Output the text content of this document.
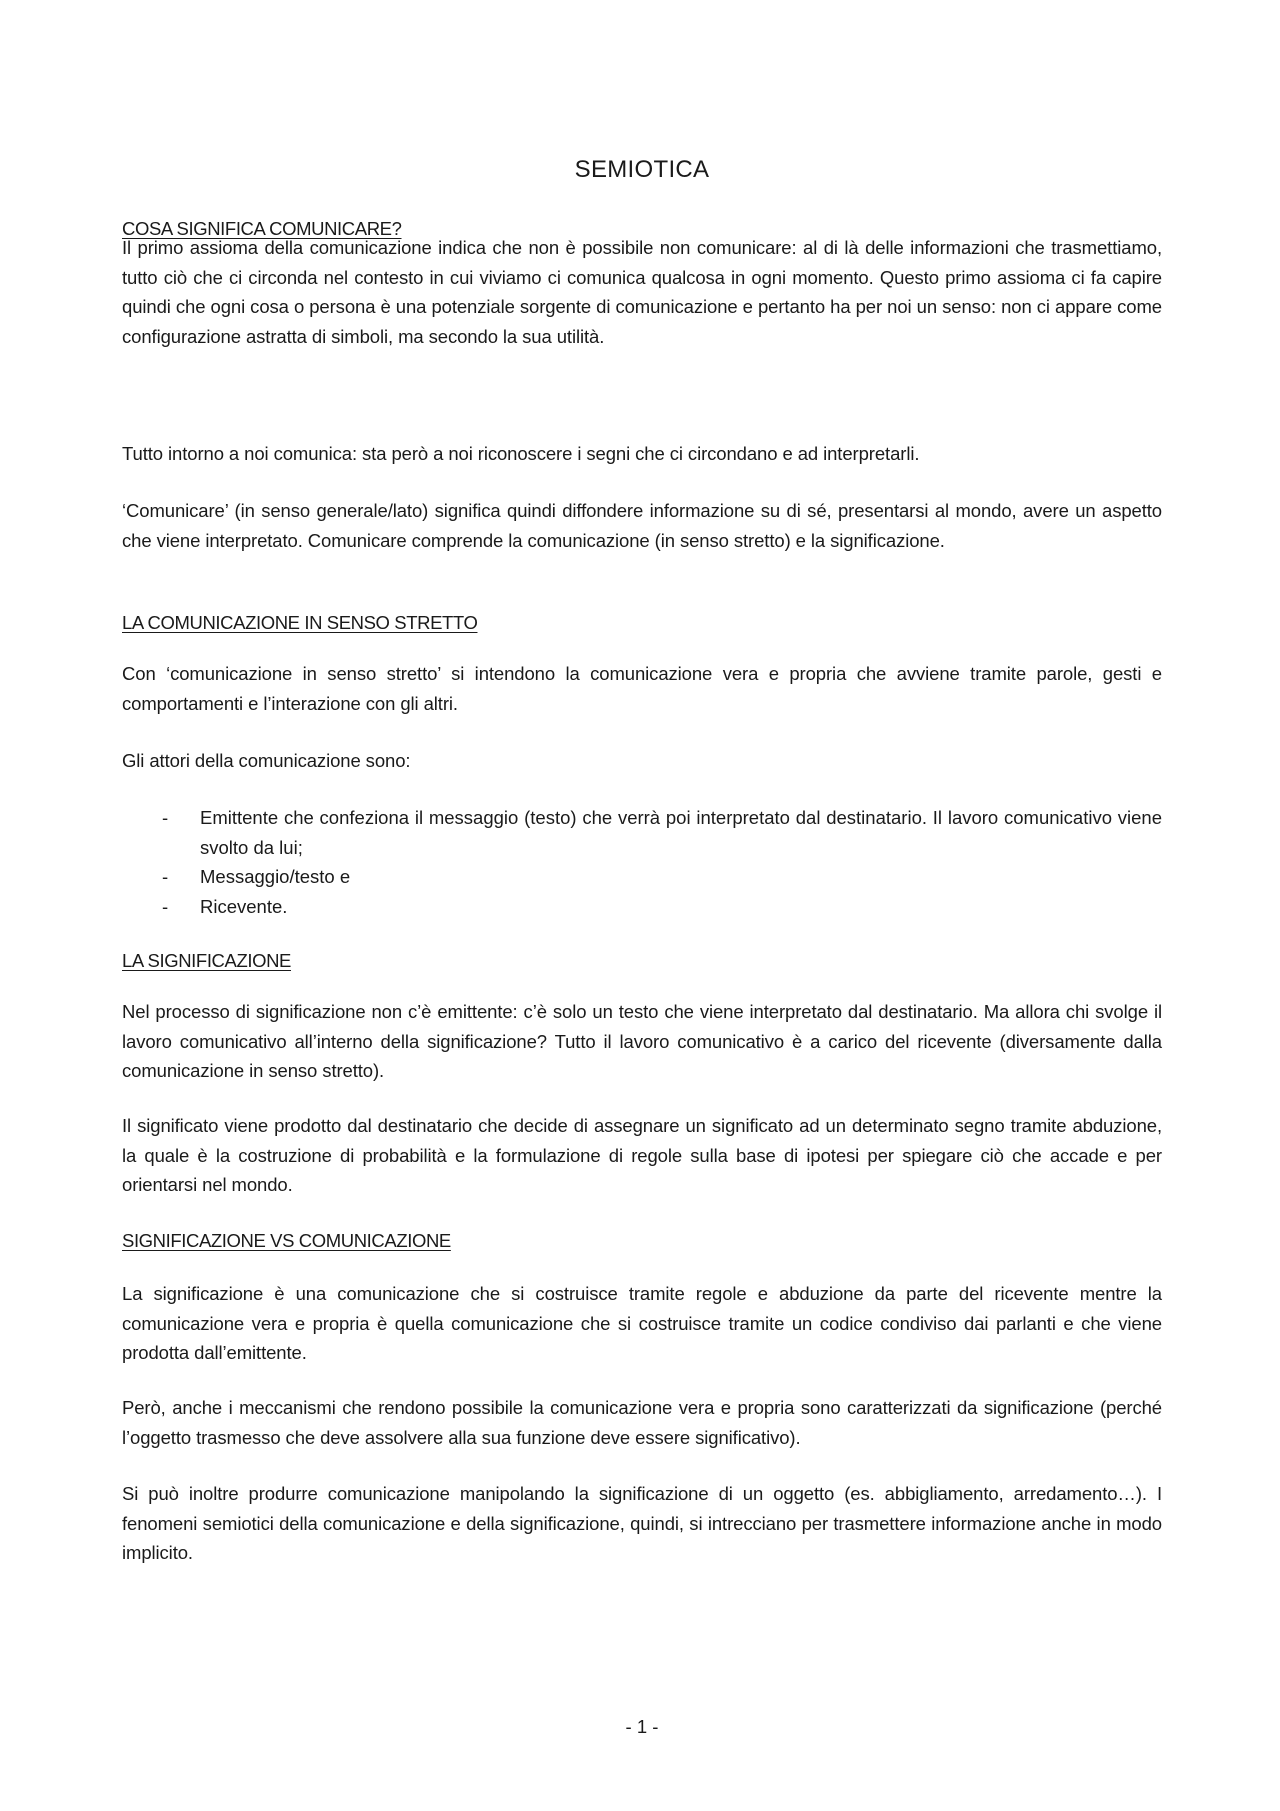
SEMIOTICA
COSA SIGNIFICA COMUNICARE?

Il primo assioma della comunicazione indica che non è possibile non comunicare: al di là delle informazioni che trasmettiamo, tutto ciò che ci circonda nel contesto in cui viviamo ci comunica qualcosa in ogni momento. Questo primo assioma ci fa capire quindi che ogni cosa o persona è una potenziale sorgente di comunicazione e pertanto ha per noi un senso: non ci appare come configurazione astratta di simboli, ma secondo la sua utilità.

Tutto intorno a noi comunica: sta però a noi riconoscere i segni che ci circondano e ad interpretarli.

‘Comunicare’ (in senso generale/lato) significa quindi diffondere informazione su di sé, presentarsi al mondo, avere un aspetto che viene interpretato. Comunicare comprende la comunicazione (in senso stretto) e la significazione.

LA COMUNICAZIONE IN SENSO STRETTO

Con ‘comunicazione in senso stretto’ si intendono la comunicazione vera e propria che avviene tramite parole, gesti e comportamenti e l’interazione con gli altri.

Gli attori della comunicazione sono:

- Emittente che confeziona il messaggio (testo) che verrà poi interpretato dal destinatario. Il lavoro comunicativo viene svolto da lui;
- Messaggio/testo e
- Ricevente.
LA SIGNIFICAZIONE

Nel processo di significazione non c’è emittente: c’è solo un testo che viene interpretato dal destinatario. Ma allora chi svolge il lavoro comunicativo all’interno della significazione? Tutto il lavoro comunicativo è a carico del ricevente (diversamente dalla comunicazione in senso stretto).

Il significato viene prodotto dal destinatario che decide di assegnare un significato ad un determinato segno tramite abduzione, la quale è la costruzione di probabilità e la formulazione di regole sulla base di ipotesi per spiegare ciò che accade e per orientarsi nel mondo.

SIGNIFICAZIONE VS COMUNICAZIONE

La significazione è una comunicazione che si costruisce tramite regole e abduzione da parte del ricevente mentre la comunicazione vera e propria è quella comunicazione che si costruisce tramite un codice condiviso dai parlanti e che viene prodotta dall’emittente.

Però, anche i meccanismi che rendono possibile la comunicazione vera e propria sono caratterizzati da significazione (perché l’oggetto trasmesso che deve assolvere alla sua funzione deve essere significativo).

Si può inoltre produrre comunicazione manipolando la significazione di un oggetto (es. abbigliamento, arredamento…). I fenomeni semiotici della comunicazione e della significazione, quindi, si intrecciano per trasmettere informazione anche in modo implicito.

- 1 -
